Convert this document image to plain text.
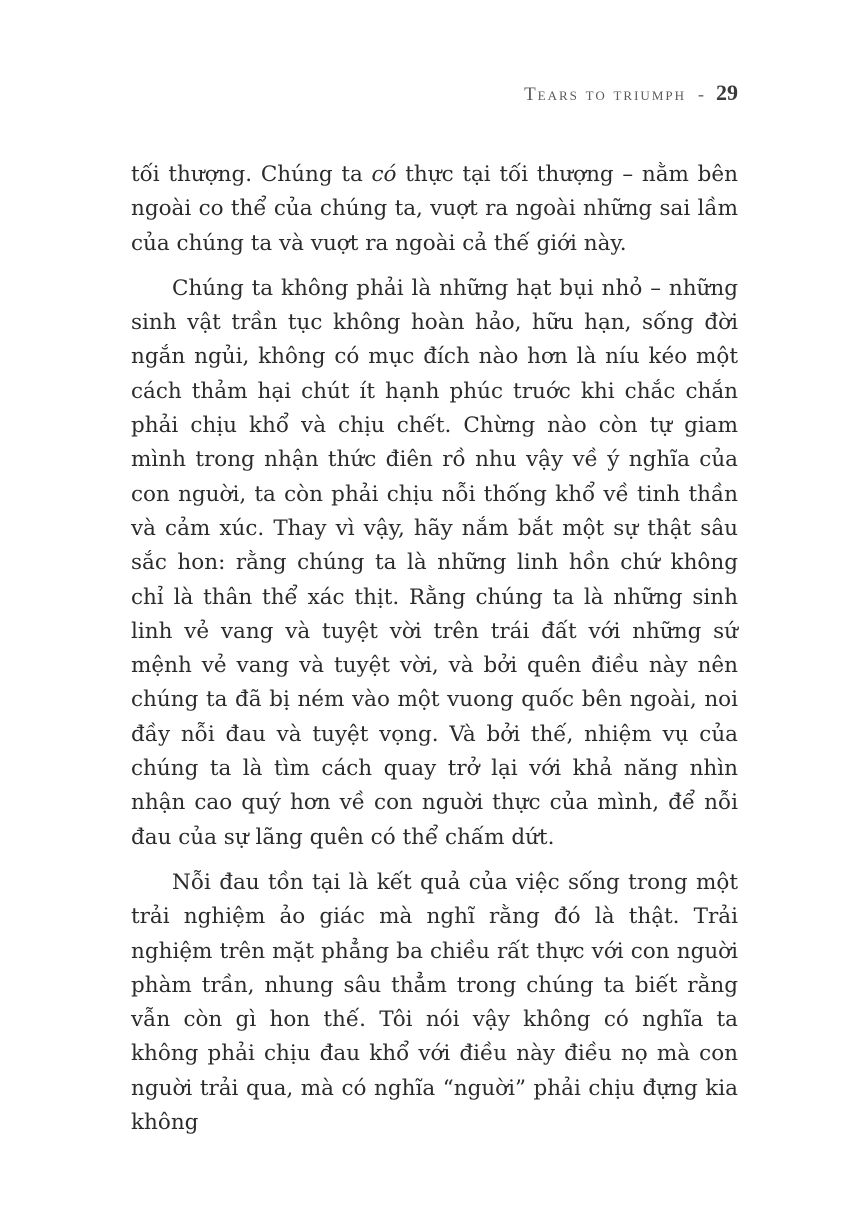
Tears to triumph - 29

tối thượng. Chúng ta có thực tại tối thượng – nằm bên ngoài co thể của chúng ta, vuợt ra ngoài những sai lầm của chúng ta và vuợt ra ngoài cả thế giới này.

Chúng ta không phải là những hạt bụi nhỏ – những sinh vật trần tục không hoàn hảo, hữu hạn, sống đời ngắn ngủi, không có mục đích nào hơn là níu kéo một cách thảm hại chút ít hạnh phúc truớc khi chắc chắn phải chịu khổ và chịu chết. Chừng nào còn tự giam mình trong nhận thức điên rồ nhu vậy về ý nghĩa của con nguời, ta còn phải chịu nỗi thống khổ về tinh thần và cảm xúc. Thay vì vậy, hãy nắm bắt một sự thật sâu sắc hon: rằng chúng ta là những linh hồn chứ không chỉ là thân thể xác thịt. Rằng chúng ta là những sinh linh vẻ vang và tuyệt vời trên trái đất với những sứ mệnh vẻ vang và tuyệt vời, và bởi quên điều này nên chúng ta đã bị ném vào một vuong quốc bên ngoài, noi đầy nỗi đau và tuyệt vọng. Và bởi thế, nhiệm vụ của chúng ta là tìm cách quay trở lại với khả năng nhìn nhận cao quý hơn về con nguời thực của mình, để nỗi đau của sự lãng quên có thể chấm dứt.

Nỗi đau tồn tại là kết quả của việc sống trong một trải nghiệm ảo giác mà nghĩ rằng đó là thật. Trải nghiệm trên mặt phẳng ba chiều rất thực với con nguời phàm trần, nhung sâu thẳm trong chúng ta biết rằng vẫn còn gì hon thế. Tôi nói vậy không có nghĩa ta không phải chịu đau khổ với điều này điều nọ mà con nguời trải qua, mà có nghĩa “nguời” phải chịu đựng kia không
